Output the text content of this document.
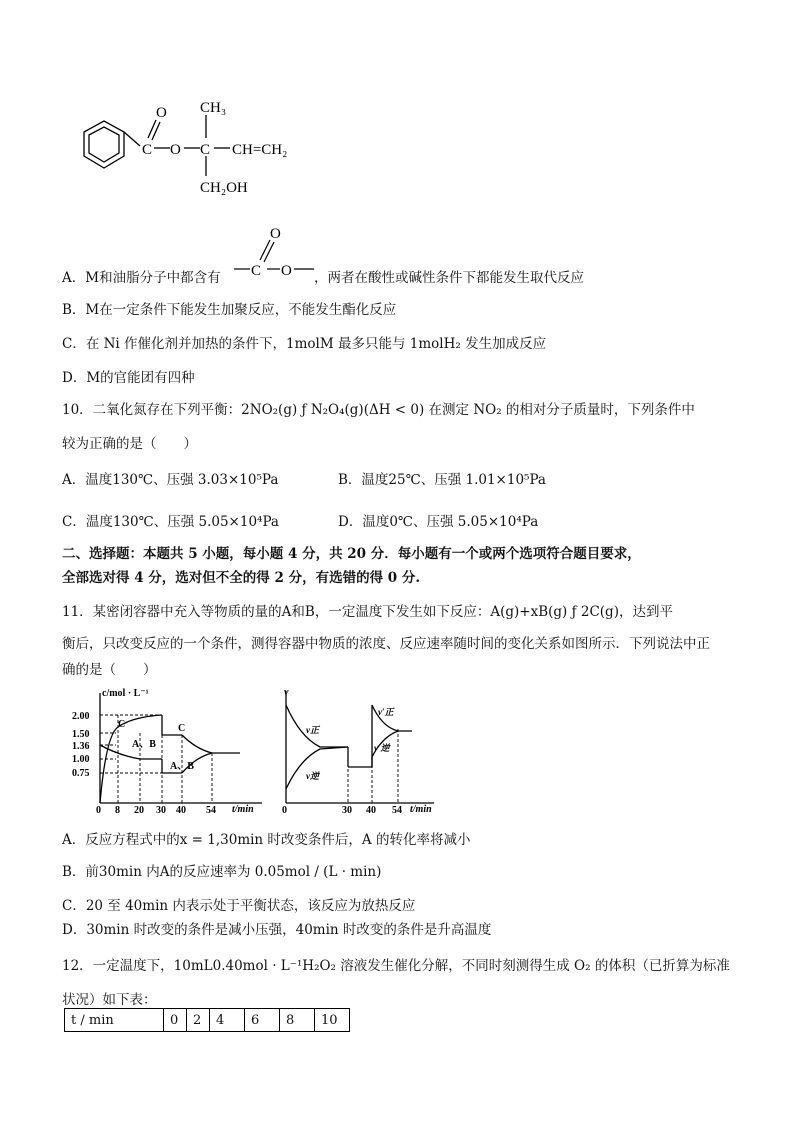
C
O
O C
CH₃
CH=CH₂
CH₂OH
A．M和油脂分子中都含有 C
O
O ，两者在酸性或碱性条件下都能发生取代反应
B．M在一定条件下能发生加聚反应，不能发生酯化反应
C．在 Ni 作催化剂并加热的条件下，1molM 最多只能与 1molH₂ 发生加成反应
D．M的官能团有四种
10．二氧化氮存在下列平衡：2NO₂(g) ƒ N₂O₄(g)(ΔH < 0) 在测定 NO₂ 的相对分子质量时，下列条件中
较为正确的是（　　）
A．温度130℃、压强 3.03×10⁵Pa	B．温度25℃、压强 1.01×10⁵Pa
C．温度130℃、压强 5.05×10⁴Pa	D．温度0℃、压强 5.05×10⁴Pa
二、选择题：本题共 5 小题，每小题 4 分，共 20 分．每小题有一个或两个选项符合题目要求，
全部选对得 4 分，选对但不全的得 2 分，有选错的得 0 分.
11．某密闭容器中充入等物质的量的A和B，一定温度下发生如下反应：A(g)+xB(g) ƒ 2C(g)，达到平
衡后，只改变反应的一个条件，测得容器中物质的浓度、反应速率随时间的变化关系如图所示．下列说法中正
确的是（　　）
c/mol · L⁻¹
t/min
2.00
1.50
1.36
1.00
0.75
0 8 20 30 40 54
C
A、B
C
A、B
v
t/min
0	30 40 54
v正
v逆
v′正
v′逆
A．反应方程式中的x = 1,30min 时改变条件后，A 的转化率将减小
B．前30min 内A的反应速率为 0.05mol / (L · min)
C．20 至 40min 内表示处于平衡状态，该反应为放热反应
D．30min 时改变的条件是减小压强，40min 时改变的条件是升高温度
12．一定温度下，10mL0.40mol · L⁻¹H₂O₂ 溶液发生催化分解，不同时刻测得生成 O₂ 的体积（已折算为标准
状况）如下表：
t / min	0	2	4	6	8	10
